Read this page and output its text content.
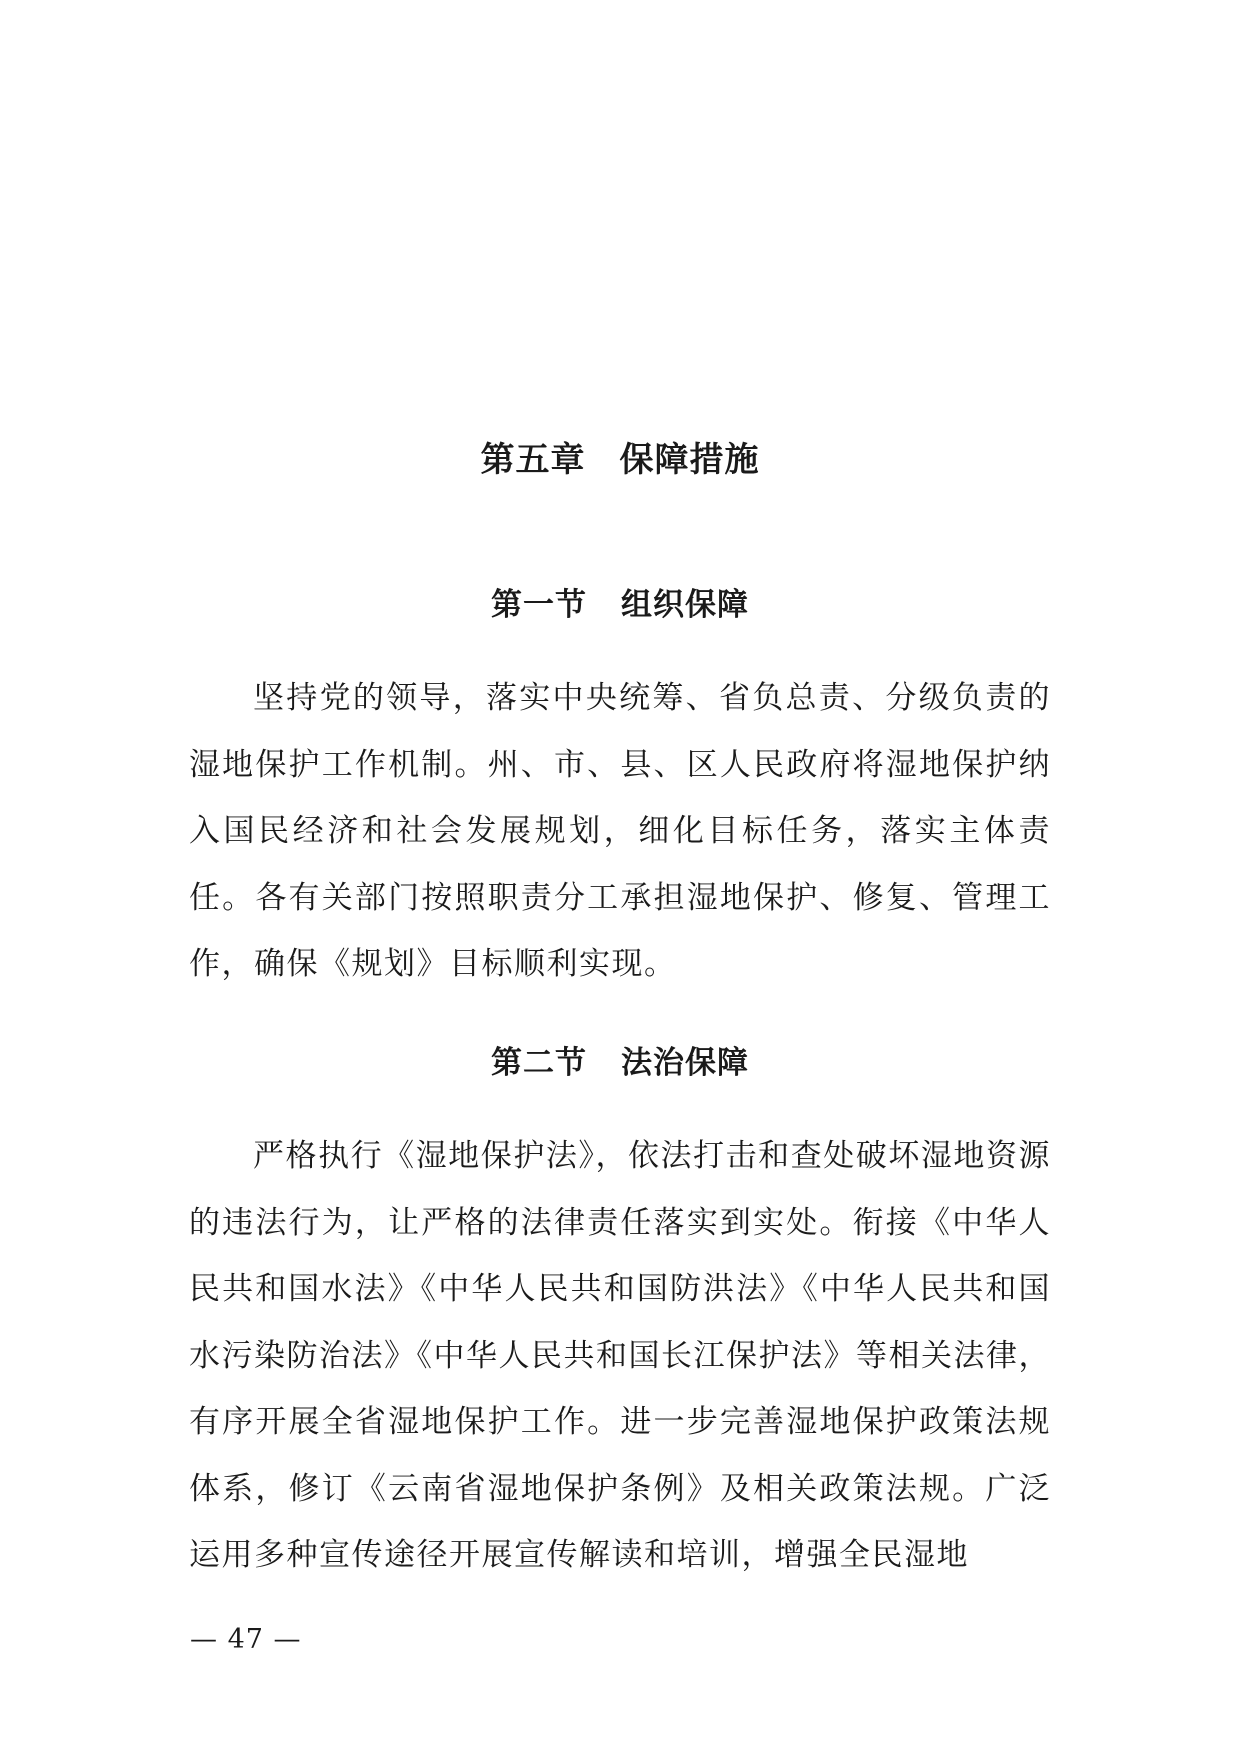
第五章 保障措施
第一节 组织保障

坚持党的领导，落实中央统筹、省负总责、分级负责的湿地保护工作机制。州、市、县、区人民政府将湿地保护纳入国民经济和社会发展规划，细化目标任务，落实主体责任。各有关部门按照职责分工承担湿地保护、修复、管理工作，确保《规划》目标顺利实现。

第二节 法治保障

严格执行《湿地保护法》，依法打击和查处破坏湿地资源的违法行为，让严格的法律责任落实到实处。衔接《中华人民共和国水法》《中华人民共和国防洪法》《中华人民共和国水污染防治法》《中华人民共和国长江保护法》等相关法律，有序开展全省湿地保护工作。进一步完善湿地保护政策法规体系，修订《云南省湿地保护条例》及相关政策法规。广泛运用多种宣传途径开展宣传解读和培训，增强全民湿地

— 47 —
